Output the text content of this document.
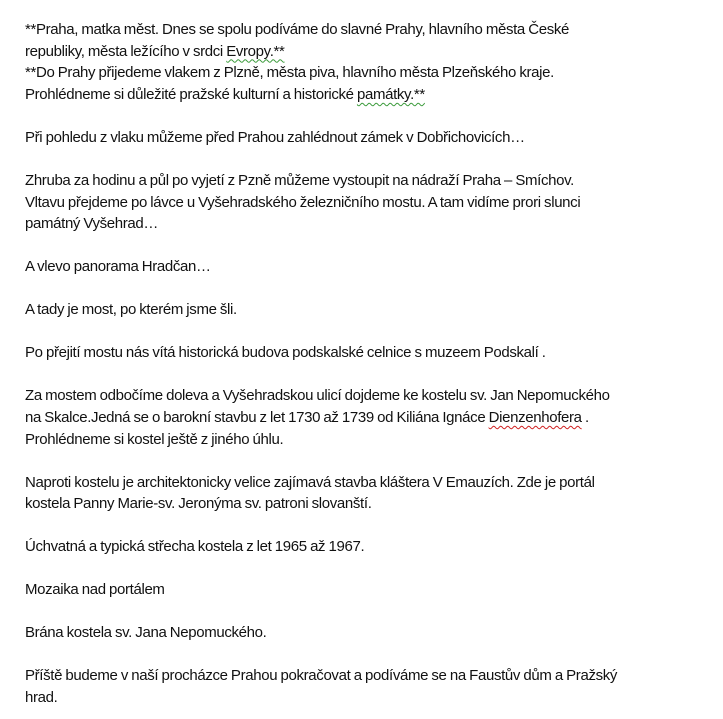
**Praha, matka měst. Dnes se spolu podíváme do slavné Prahy, hlavního města České
republiky, města ležícího v srdci Evropy.**
**Do Prahy přijedeme vlakem z Plzně, města piva, hlavního města Plzeňského kraje.
Prohlédneme si důležité pražské kulturní a historické památky.**
Při pohledu z vlaku můžeme před Prahou zahlédnout zámek v Dobřichovicích…
Zhruba za hodinu a půl po vyjetí z Pzně můžeme vystoupit na nádraží Praha – Smíchov.
Vltavu přejdeme po lávce u Vyšehradského železničního mostu. A tam vidíme prori slunci
památný Vyšehrad…
A vlevo panorama Hradčan…
A tady je most, po kterém jsme šli.
Po přejití mostu nás vítá historická budova podskalské celnice s muzeem Podskalí .
Za mostem odbočíme doleva a Vyšehradskou ulicí dojdeme ke kostelu sv. Jan Nepomuckého
na Skalce.Jedná se o barokní stavbu z let 1730 až 1739 od Kiliána Ignáce Dienzenhofera .
Prohlédneme si kostel ještě z jiného úhlu.
Naproti kostelu je architektonicky velice zajímavá stavba kláštera V Emauzích. Zde je portál
kostela Panny Marie-sv. Jeronýma sv. patroni slovanští.
Úchvatná a typická střecha kostela z let 1965 až 1967.
Mozaika nad portálem
Brána kostela sv. Jana Nepomuckého.
Příště budeme v naší procházce Prahou pokračovat a podíváme se na Faustův dům a Pražský
hrad.
